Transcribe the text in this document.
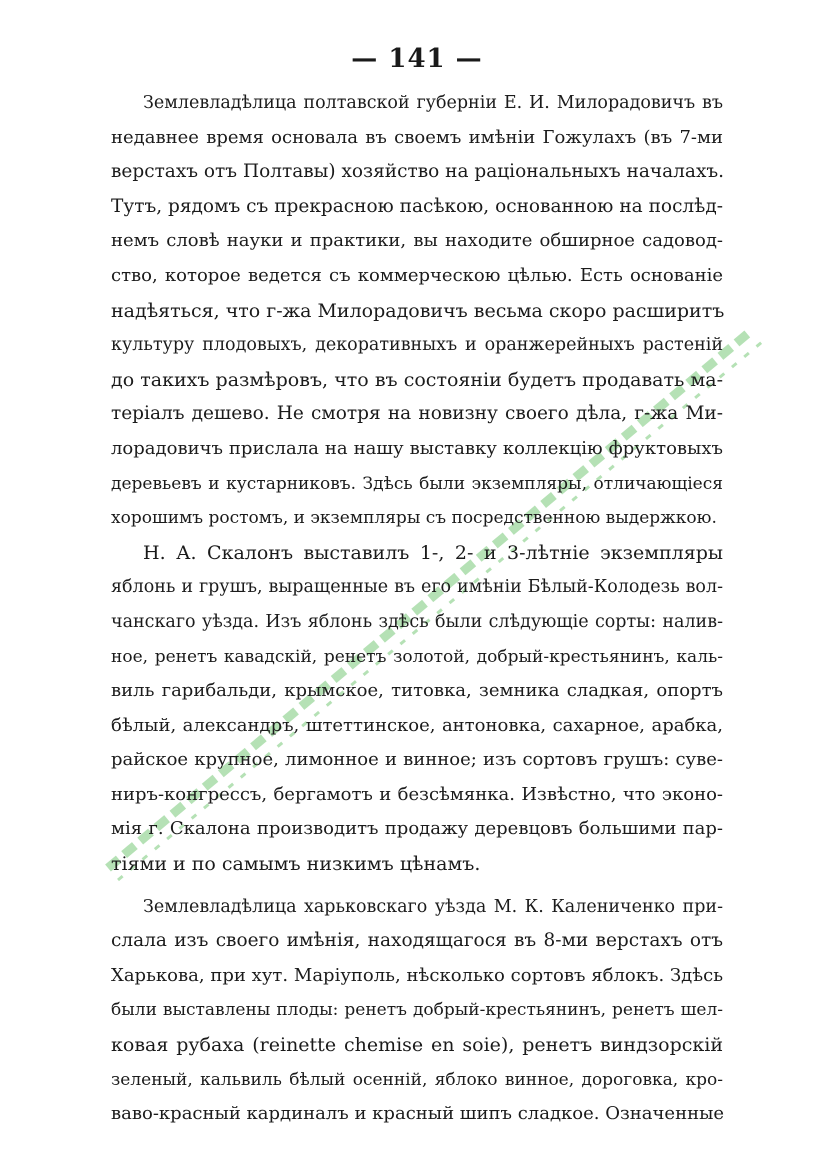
— 141 —
Землевладѣлица полтавской губерніи Е. И. Милорадовичъ въ
недавнее время основала въ своемъ имѣніи Гожулахъ (въ 7-ми
верстахъ отъ Полтавы) хозяйство на раціональныхъ началахъ.
Тутъ, рядомъ съ прекрасною пасѣкою, основанною на послѣд-
немъ словѣ науки и практики, вы находите обширное садовод-
ство, которое ведется съ коммерческою цѣлью. Есть основаніе
надѣяться, что г-жа Милорадовичъ весьма скоро расширитъ
культуру плодовыхъ, декоративныхъ и оранжерейныхъ растеній
до такихъ размѣровъ, что въ состояніи будетъ продавать ма-
теріалъ дешево. Не смотря на новизну своего дѣла, г-жа Ми-
лорадовичъ прислала на нашу выставку коллекцію фруктовыхъ
деревьевъ и кустарниковъ. Здѣсь были экземпляры, отличающіеся
хорошимъ ростомъ, и экземпляры съ посредственною выдержкою.
Н. А. Скалонъ выставилъ 1-, 2- и 3-лѣтніе экземпляры
яблонь и грушъ, выращенные въ его имѣніи Бѣлый-Колодезь вол-
чанскаго уѣзда. Изъ яблонь здѣсь были слѣдующіе сорты: налив-
ное, ренетъ кавадскій, ренетъ золотой, добрый-крестьянинъ, каль-
виль гарибальди, крымское, титовка, земника сладкая, опортъ
бѣлый, александръ, штеттинское, антоновка, сахарное, арабка,
райское крупное, лимонное и винное; изъ сортовъ грушъ: суве-
ниръ-конгрессъ, бергамотъ и безсѣмянка. Извѣстно, что эконо-
мія г. Скалона производитъ продажу деревцовъ большими пар-
тіями и по самымъ низкимъ цѣнамъ.
Землевладѣлица харьковскаго уѣзда М. К. Калениченко при-
слала изъ своего имѣнія, находящагося въ 8-ми верстахъ отъ
Харькова, при хут. Маріуполь, нѣсколько сортовъ яблокъ. Здѣсь
были выставлены плоды: ренетъ добрый-крестьянинъ, ренетъ шел-
ковая рубаха (reinette chemise en soie), ренетъ виндзорскій
зеленый, кальвиль бѣлый осенній, яблоко винное, дороговка, кро-
ваво-красный кардиналъ и красный шипъ сладкое. Означенные
